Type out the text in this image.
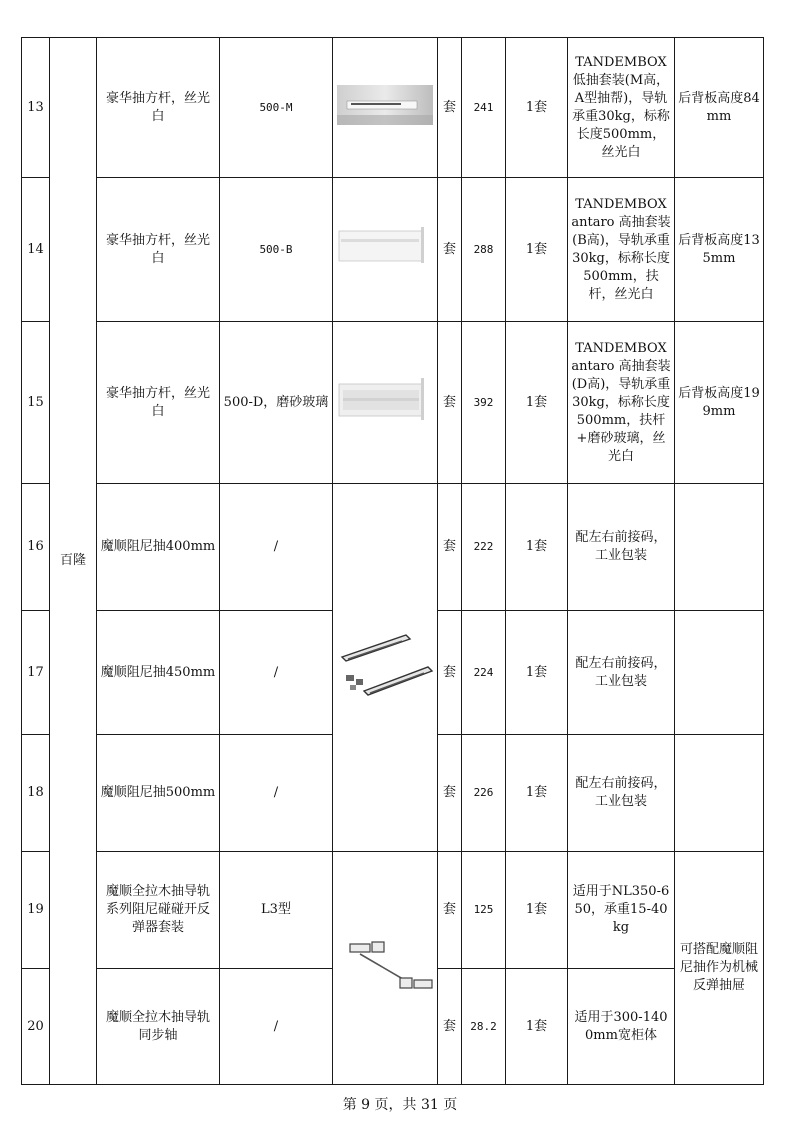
13	百隆	豪华抽方杆，丝光白	500-M		套	241	1套	TANDEMBOX 低抽套装(M高，A型抽帮)，导轨承重30kg，标称长度500mm，丝光白	后背板高度84mm
14		豪华抽方杆，丝光白	500-B		套	288	1套	TANDEMBOX antaro 高抽套装(B高)，导轨承重30kg，标称长度500mm，扶杆，丝光白	后背板高度135mm
15		豪华抽方杆，丝光白	500-D，磨砂玻璃		套	392	1套	TANDEMBOX antaro 高抽套装(D高)，导轨承重30kg，标称长度500mm，扶杆+磨砂玻璃，丝光白	后背板高度199mm
16		魔顺阻尼抽400mm	/		套	222	1套	配左右前接码，工业包装	
17		魔顺阻尼抽450mm	/		套	224	1套	配左右前接码，工业包装	
18		魔顺阻尼抽500mm	/		套	226	1套	配左右前接码，工业包装	
19		魔顺全拉木抽导轨系列阻尼碰碰开反弹器套装	L3型		套	125	1套	适用于NL350-650，承重15-40kg	可搭配魔顺阻尼抽作为机械反弹抽屉
20		魔顺全拉木抽导轨 同步轴	/		套	28.2	1套	适用于300-1400mm宽柜体	
第 9 页，共 31 页
